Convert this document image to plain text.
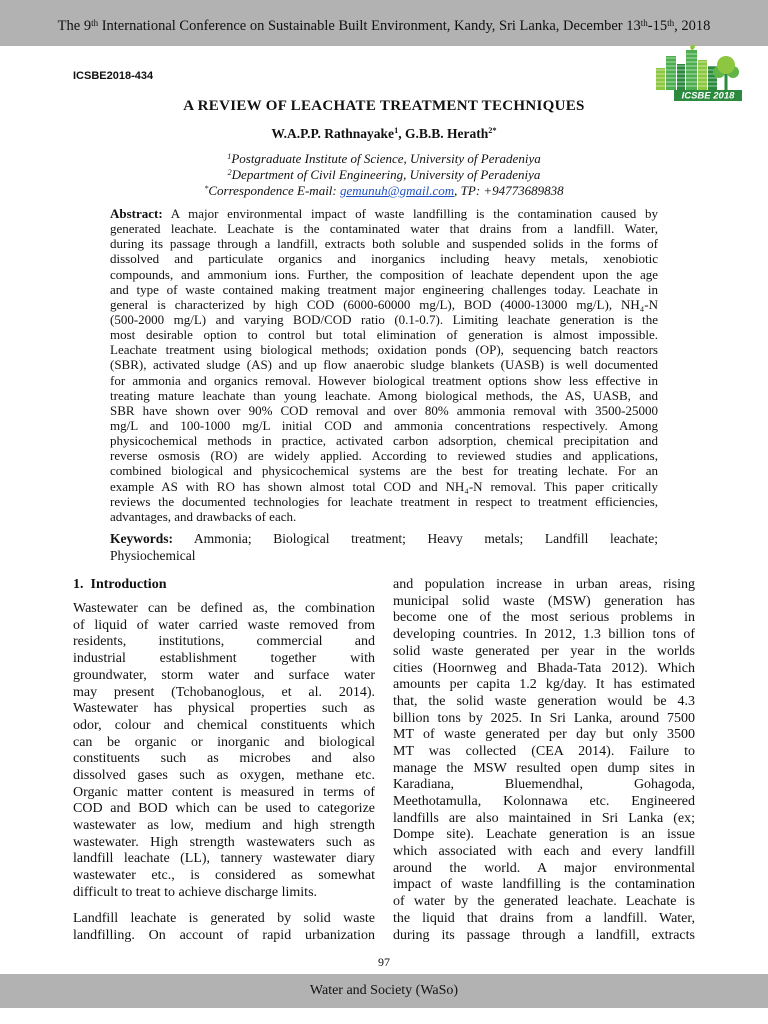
The 9th International Conference on Sustainable Built Environment, Kandy, Sri Lanka, December 13th-15th, 2018
ICSBE2018-434
ICSBE 2018
A REVIEW OF LEACHATE TREATMENT TECHNIQUES
W.A.P.P. Rathnayake$^1$, G.B.B. Herath$^{2*}$
$^1$Postgraduate Institute of Science, University of Peradeniya
$^2$Department of Civil Engineering, University of Peradeniya
*Correspondence E-mail: gemunuh@gmail.com, TP: +94773689838
Abstract: A major environmental impact of waste landfilling is the contamination caused by
generated leachate. Leachate is the contaminated water that drains from a landfill. Water,
during its passage through a landfill, extracts both soluble and suspended solids in the forms of
dissolved and particulate organics and inorganics including heavy metals, xenobiotic
compounds, and ammonium ions. Further, the composition of leachate dependent upon the age
and type of waste contained making treatment major engineering challenges today. Leachate in
general is characterized by high COD (6000-60000 mg/L), BOD (4000-13000 mg/L), NH₄-N
(500-2000 mg/L) and varying BOD/COD ratio (0.1-0.7). Limiting leachate generation is the
most desirable option to control but total elimination of generation is almost impossible.
Leachate treatment using biological methods; oxidation ponds (OP), sequencing batch reactors
(SBR), activated sludge (AS) and up flow anaerobic sludge blankets (UASB) is well documented
for ammonia and organics removal. However biological treatment options show less effective in
treating mature leachate than young leachate. Among biological methods, the AS, UASB, and
SBR have shown over 90% COD removal and over 80% ammonia removal with 3500-25000
mg/L and 100-1000 mg/L initial COD and ammonia concentrations respectively. Among
physicochemical methods in practice, activated carbon adsorption, chemical precipitation and
reverse osmosis (RO) are widely applied. According to reviewed studies and applications,
combined biological and physicochemical systems are the best for treating lechate. For an
example AS with RO has shown almost total COD and NH₄-N removal. This paper critically
reviews the documented technologies for leachate treatment in respect to treatment efficiencies,
advantages, and drawbacks of each.
Keywords: Ammonia; Biological treatment; Heavy metals; Landfill leachate;
Physiochemical
1. Introduction
Wastewater can be defined as, the combination
of liquid of water carried waste removed from
residents, institutions, commercial and
industrial establishment together with
groundwater, storm water and surface water
may present (Tchobanoglous, et al. 2014).
Wastewater has physical properties such as
odor, colour and chemical constituents which
can be organic or inorganic and biological
constituents such as microbes and also
dissolved gases such as oxygen, methane etc.
Organic matter content is measured in terms of
COD and BOD which can be used to categorize
wastewater as low, medium and high strength
wastewater. High strength wastewaters such as
landfill leachate (LL), tannery wastewater diary
wastewater etc., is considered as somewhat
difficult to treat to achieve discharge limits.
Landfill leachate is generated by solid waste
landfilling. On account of rapid urbanization
and population increase in urban areas, rising
municipal solid waste (MSW) generation has
become one of the most serious problems in
developing countries. In 2012, 1.3 billion tons of
solid waste generated per year in the worlds
cities (Hoornweg and Bhada-Tata 2012). Which
amounts per capita 1.2 kg/day. It has estimated
that, the solid waste generation would be 4.3
billion tons by 2025. In Sri Lanka, around 7500
MT of waste generated per day but only 3500
MT was collected (CEA 2014). Failure to
manage the MSW resulted open dump sites in
Karadiana, Bluemendhal, Gohagoda,
Meethotamulla, Kolonnawa etc. Engineered
landfills are also maintained in Sri Lanka (ex;
Dompe site). Leachate generation is an issue
which associated with each and every landfill
around the world. A major environmental
impact of waste landfilling is the contamination
of water by the generated leachate. Leachate is
the liquid that drains from a landfill. Water,
during its passage through a landfill, extracts
97
Water and Society (WaSo)
